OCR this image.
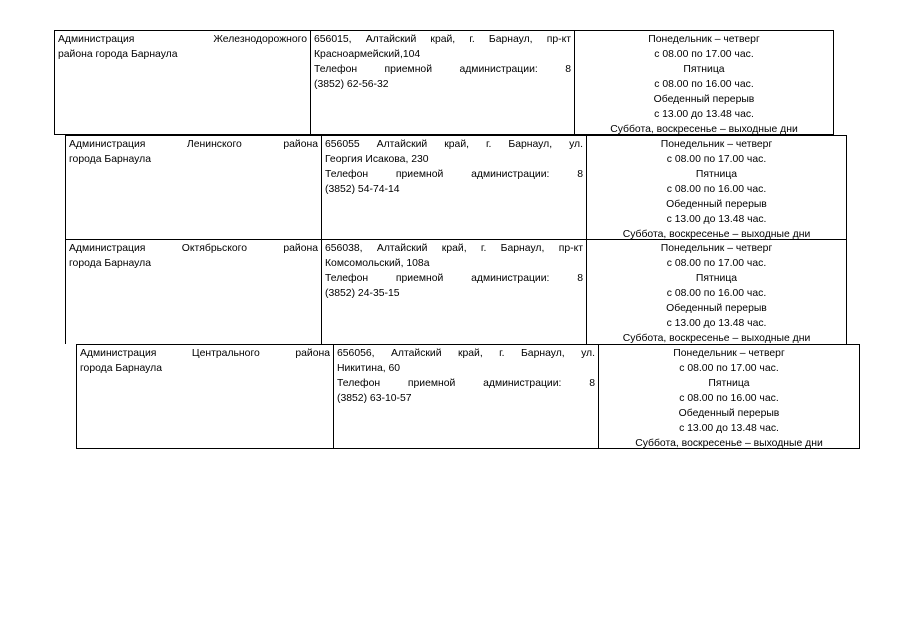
Администрация Железнодорожного
района города Барнаула
656015, Алтайский край, г. Барнаул, пр-кт
Красноармейский,104
Телефон приемной администрации: 8
(3852) 62-56-32
Понедельник – четверг
с 08.00 по 17.00 час.
Пятница
с 08.00 по 16.00 час.
Обеденный перерыв
с 13.00 до 13.48 час.
Суббота, воскресенье – выходные дни
Администрация Ленинского района
города Барнаула
656055 Алтайский край, г. Барнаул, ул.
Георгия Исакова, 230
Телефон приемной администрации: 8
(3852) 54-74-14
Понедельник – четверг
с 08.00 по 17.00 час.
Пятница
с 08.00 по 16.00 час.
Обеденный перерыв
с 13.00 до 13.48 час.
Суббота, воскресенье – выходные дни
Администрация Октябрьского района
города Барнаула
656038, Алтайский край, г. Барнаул, пр-кт
Комсомольский, 108а
Телефон приемной администрации: 8
(3852) 24-35-15
Понедельник – четверг
с 08.00 по 17.00 час.
Пятница
с 08.00 по 16.00 час.
Обеденный перерыв
с 13.00 до 13.48 час.
Суббота, воскресенье – выходные дни
Администрация Центрального района
города Барнаула
656056, Алтайский край, г. Барнаул, ул.
Никитина, 60
Телефон приемной администрации: 8
(3852) 63-10-57
Понедельник – четверг
с 08.00 по 17.00 час.
Пятница
с 08.00 по 16.00 час.
Обеденный перерыв
с 13.00 до 13.48 час.
Суббота, воскресенье – выходные дни
